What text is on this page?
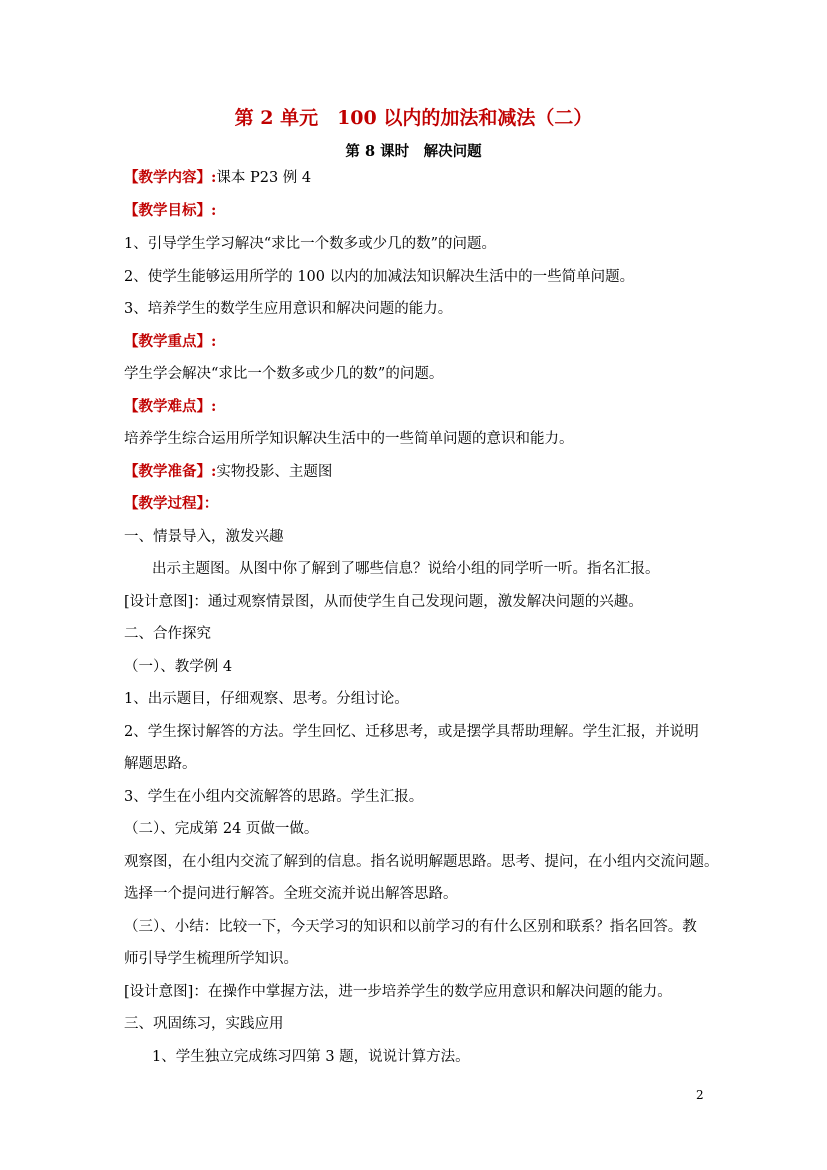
第 2 单元　100 以内的加法和减法（二）
第 8 课时　解决问题
【教学内容】:课本 P23 例 4
【教学目标】:
1、引导学生学习解决“求比一个数多或少几的数”的问题。
2、使学生能够运用所学的 100 以内的加减法知识解决生活中的一些简单问题。
3、培养学生的数学生应用意识和解决问题的能力。
【教学重点】:
学生学会解决“求比一个数多或少几的数”的问题。
【教学难点】:
培养学生综合运用所学知识解决生活中的一些简单问题的意识和能力。
【教学准备】:实物投影、主题图
【教学过程】：
一、情景导入，激发兴趣
出示主题图。从图中你了解到了哪些信息？说给小组的同学听一听。指名汇报。
[设计意图]：通过观察情景图，从而使学生自己发现问题，激发解决问题的兴趣。
二、合作探究
（一）、教学例 4
1、出示题目，仔细观察、思考。分组讨论。
2、学生探讨解答的方法。学生回忆、迁移思考，或是摆学具帮助理解。学生汇报，并说明
解题思路。
3、学生在小组内交流解答的思路。学生汇报。
（二）、完成第 24 页做一做。
观察图，在小组内交流了解到的信息。指名说明解题思路。思考、提问，在小组内交流问题。
选择一个提问进行解答。全班交流并说出解答思路。
（三）、小结：比较一下，今天学习的知识和以前学习的有什么区别和联系？指名回答。教
师引导学生梳理所学知识。
[设计意图]：在操作中掌握方法，进一步培养学生的数学应用意识和解决问题的能力。
三、巩固练习，实践应用
1、学生独立完成练习四第 3 题，说说计算方法。
2
